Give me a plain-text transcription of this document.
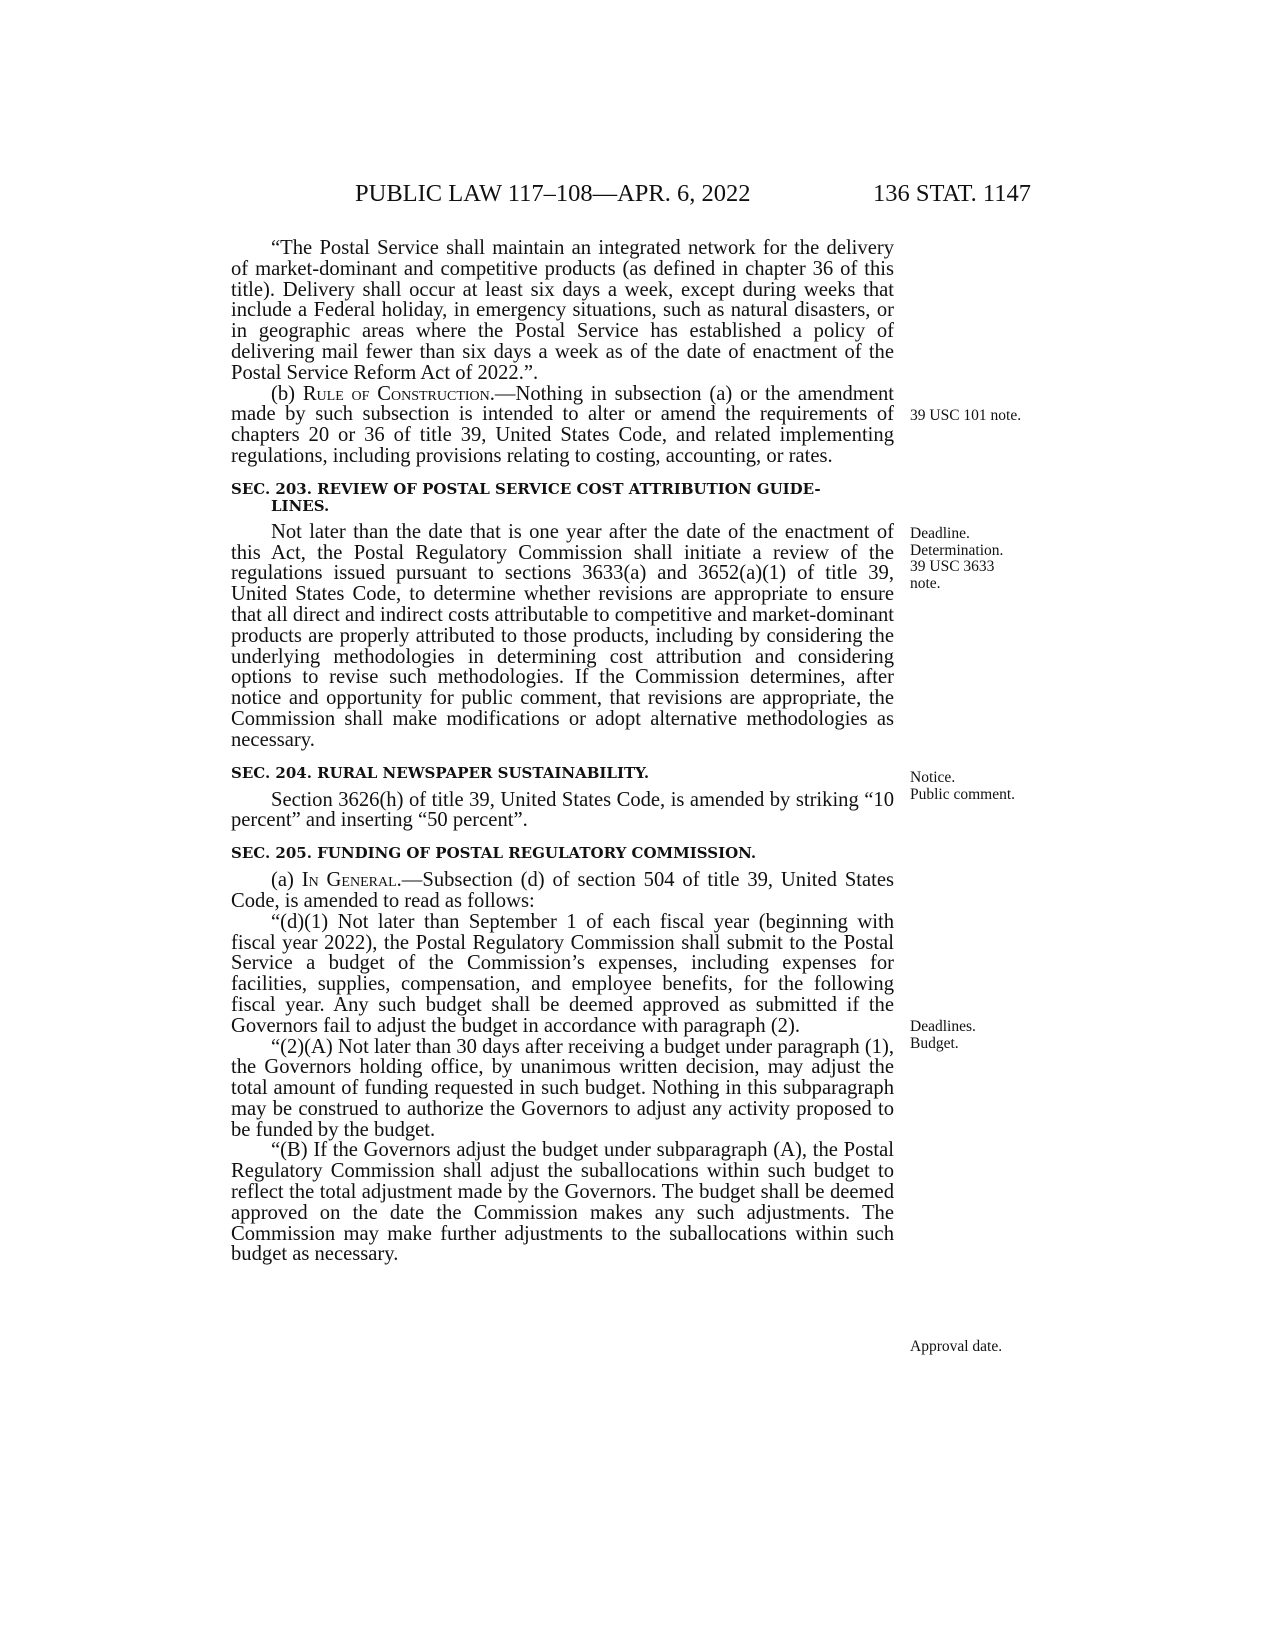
PUBLIC LAW 117–108—APR. 6, 2022	136 STAT. 1147

“The Postal Service shall maintain an integrated network for the delivery of market-dominant and competitive products (as defined in chapter 36 of this title). Delivery shall occur at least six days a week, except during weeks that include a Federal holiday, in emergency situations, such as natural disasters, or in geographic areas where the Postal Service has established a policy of delivering mail fewer than six days a week as of the date of enactment of the Postal Service Reform Act of 2022.”.

(b) Rule of Construction.—Nothing in subsection (a) or the amendment made by such subsection is intended to alter or amend the requirements of chapters 20 or 36 of title 39, United States Code, and related implementing regulations, including provisions relating to costing, accounting, or rates.

SEC. 203. REVIEW OF POSTAL SERVICE COST ATTRIBUTION GUIDE-
LINES.

Not later than the date that is one year after the date of the enactment of this Act, the Postal Regulatory Commission shall initiate a review of the regulations issued pursuant to sections 3633(a) and 3652(a)(1) of title 39, United States Code, to determine whether revisions are appropriate to ensure that all direct and indirect costs attributable to competitive and market-dominant products are properly attributed to those products, including by considering the underlying methodologies in determining cost attribution and considering options to revise such methodologies. If the Commission determines, after notice and opportunity for public comment, that revisions are appropriate, the Commission shall make modifications or adopt alternative methodologies as necessary.

SEC. 204. RURAL NEWSPAPER SUSTAINABILITY.

Section 3626(h) of title 39, United States Code, is amended by striking “10 percent” and inserting “50 percent”.

SEC. 205. FUNDING OF POSTAL REGULATORY COMMISSION.

(a) In General.—Subsection (d) of section 504 of title 39, United States Code, is amended to read as follows:

“(d)(1) Not later than September 1 of each fiscal year (beginning with fiscal year 2022), the Postal Regulatory Commission shall submit to the Postal Service a budget of the Commission’s expenses, including expenses for facilities, supplies, compensation, and employee benefits, for the following fiscal year. Any such budget shall be deemed approved as submitted if the Governors fail to adjust the budget in accordance with paragraph (2).

“(2)(A) Not later than 30 days after receiving a budget under paragraph (1), the Governors holding office, by unanimous written decision, may adjust the total amount of funding requested in such budget. Nothing in this subparagraph may be construed to authorize the Governors to adjust any activity proposed to be funded by the budget.

“(B) If the Governors adjust the budget under subparagraph (A), the Postal Regulatory Commission shall adjust the suballocations within such budget to reflect the total adjustment made by the Governors. The budget shall be deemed approved on the date the Commission makes any such adjustments. The Commission may make further adjustments to the suballocations within such budget as necessary.

39 USC 101 note.
Deadline.
Determination.
39 USC 3633
note.
Notice.
Public comment.
Deadlines.
Budget.
Approval date.
